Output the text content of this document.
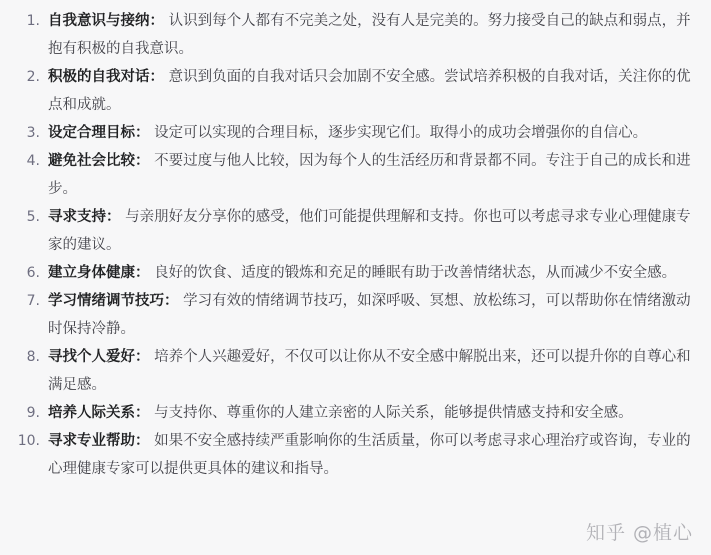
1. 自我意识与接纳： 认识到每个人都有不完美之处，没有人是完美的。努力接受自己的缺点和弱点，并抱有积极的自我意识。
2. 积极的自我对话： 意识到负面的自我对话只会加剧不安全感。尝试培养积极的自我对话，关注你的优点和成就。
3. 设定合理目标： 设定可以实现的合理目标，逐步实现它们。取得小的成功会增强你的自信心。
4. 避免社会比较： 不要过度与他人比较，因为每个人的生活经历和背景都不同。专注于自己的成长和进步。
5. 寻求支持： 与亲朋好友分享你的感受，他们可能提供理解和支持。你也可以考虑寻求专业心理健康专家的建议。
6. 建立身体健康： 良好的饮食、适度的锻炼和充足的睡眠有助于改善情绪状态，从而减少不安全感。
7. 学习情绪调节技巧： 学习有效的情绪调节技巧，如深呼吸、冥想、放松练习，可以帮助你在情绪激动时保持冷静。
8. 寻找个人爱好： 培养个人兴趣爱好，不仅可以让你从不安全感中解脱出来，还可以提升你的自尊心和满足感。
9. 培养人际关系： 与支持你、尊重你的人建立亲密的人际关系，能够提供情感支持和安全感。
10. 寻求专业帮助： 如果不安全感持续严重影响你的生活质量，你可以考虑寻求心理治疗或咨询，专业的心理健康专家可以提供更具体的建议和指导。
知乎 @植心
